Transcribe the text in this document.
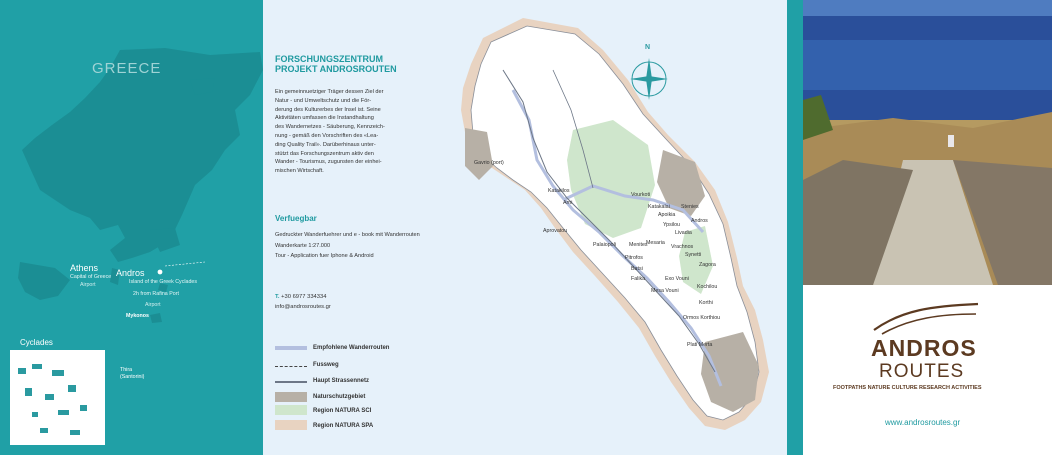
GREECE
Athens
Capital of Greece
Airport
Andros
Island of the Greek Cyclades
2h from Rafina Port
Airport
Mykonos
Thira
(Santorini)
Cyclades
FORSCHUNGSZENTRUM
PROJEKT ANDROSROUTEN
Ein gemeinnuetziger Träger dessen Ziel der
Natur - und Umweltschutz und die För-
derung des Kulturerbes der Insel ist. Seine
Aktivitäten umfassen die Instandhaltung
des Wandernetzes - Säuberung, Kennzeich-
nung - gemäß den Vorschriften des «Lea-
ding Quality Trail». Darüberhinaus unter-
stützt das Forschungszentrum aktiv den
Wander - Tourismus, zugunsten der einhei-
mischen Wirtschaft.
Verfuegbar
Gedruckter Wanderfuehrer und e - book mit Wanderrouten
Wanderkarte 1:27.000
Tour - Application fuer Iphone & Android
T. +30 6977 334334
info@androsroutes.gr
Empfohlene Wanderrouten
Fussweg
Haupt Strassennetz
Naturschutzgebiet
Region NATURA SCI
Region NATURA SPA
N
Gavrio (port)
Katakilos
Arni
Vourkoti
Katakalai Stenies
Apoikia
Andros
Ypsilou
Livadia
Mesaria
Menites	Vrachnos
Synetti
Aprovatou
Palaiopoli
Pitrofos
Batsi
Falika	Exo Vouni
Korthi
Mesa Vouni
Ormos Korthiou
Plati Merta
Kochilou
Zagora
ANDROS
ROUTES
FOOTPATHS NATURE CULTURE RESEARCH ACTIVITIES
www.androsroutes.gr
